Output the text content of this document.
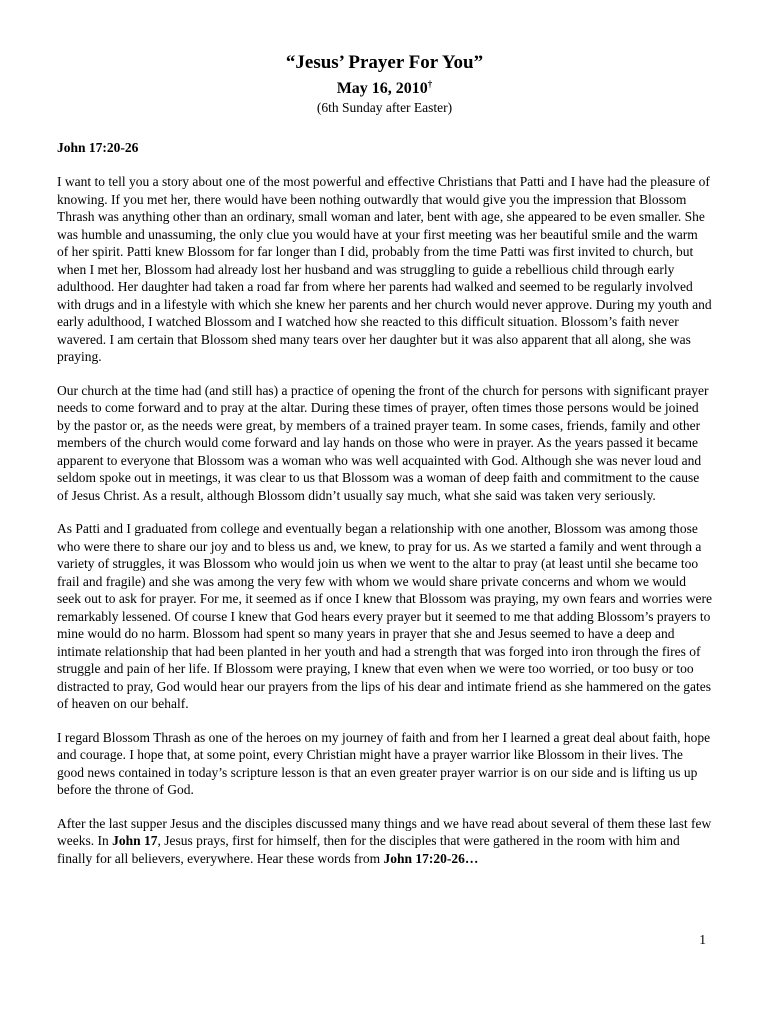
“Jesus’ Prayer For You”

May 16, 2010†

(6th Sunday after Easter)

John 17:20-26

I want to tell you a story about one of the most powerful and effective Christians that Patti and I have had the pleasure of knowing. If you met her, there would have been nothing outwardly that would give you the impression that Blossom Thrash was anything other than an ordinary, small woman and later, bent with age, she appeared to be even smaller. She was humble and unassuming, the only clue you would have at your first meeting was her beautiful smile and the warm of her spirit. Patti knew Blossom for far longer than I did, probably from the time Patti was first invited to church, but when I met her, Blossom had already lost her husband and was struggling to guide a rebellious child through early adulthood. Her daughter had taken a road far from where her parents had walked and seemed to be regularly involved with drugs and in a lifestyle with which she knew her parents and her church would never approve. During my youth and early adulthood, I watched Blossom and I watched how she reacted to this difficult situation. Blossom’s faith never wavered. I am certain that Blossom shed many tears over her daughter but it was also apparent that all along, she was praying.

Our church at the time had (and still has) a practice of opening the front of the church for persons with significant prayer needs to come forward and to pray at the altar. During these times of prayer, often times those persons would be joined by the pastor or, as the needs were great, by members of a trained prayer team. In some cases, friends, family and other members of the church would come forward and lay hands on those who were in prayer. As the years passed it became apparent to everyone that Blossom was a woman who was well acquainted with God. Although she was never loud and seldom spoke out in meetings, it was clear to us that Blossom was a woman of deep faith and commitment to the cause of Jesus Christ. As a result, although Blossom didn’t usually say much, what she said was taken very seriously.

As Patti and I graduated from college and eventually began a relationship with one another, Blossom was among those who were there to share our joy and to bless us and, we knew, to pray for us. As we started a family and went through a variety of struggles, it was Blossom who would join us when we went to the altar to pray (at least until she became too frail and fragile) and she was among the very few with whom we would share private concerns and whom we would seek out to ask for prayer. For me, it seemed as if once I knew that Blossom was praying, my own fears and worries were remarkably lessened. Of course I knew that God hears every prayer but it seemed to me that adding Blossom’s prayers to mine would do no harm. Blossom had spent so many years in prayer that she and Jesus seemed to have a deep and intimate relationship that had been planted in her youth and had a strength that was forged into iron through the fires of struggle and pain of her life. If Blossom were praying, I knew that even when we were too worried, or too busy or too distracted to pray, God would hear our prayers from the lips of his dear and intimate friend as she hammered on the gates of heaven on our behalf.

I regard Blossom Thrash as one of the heroes on my journey of faith and from her I learned a great deal about faith, hope and courage. I hope that, at some point, every Christian might have a prayer warrior like Blossom in their lives. The good news contained in today’s scripture lesson is that an even greater prayer warrior is on our side and is lifting us up before the throne of God.

After the last supper Jesus and the disciples discussed many things and we have read about several of them these last few weeks. In John 17, Jesus prays, first for himself, then for the disciples that were gathered in the room with him and finally for all believers, everywhere. Hear these words from John 17:20-26…

1
